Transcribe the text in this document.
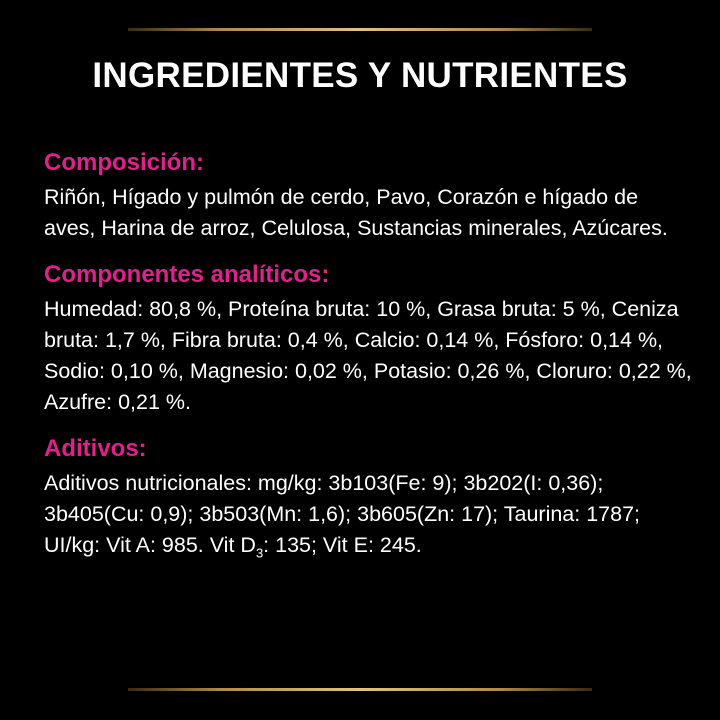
INGREDIENTES Y NUTRIENTES
Composición:

Riñón, Hígado y pulmón de cerdo, Pavo, Corazón e hígado de aves, Harina de arroz, Celulosa, Sustancias minerales, Azúcares.

Componentes analíticos:

Humedad: 80,8 %, Proteína bruta: 10 %, Grasa bruta: 5 %, Ceniza bruta: 1,7 %, Fibra bruta: 0,4 %, Calcio: 0,14 %, Fósforo: 0,14 %, Sodio: 0,10 %, Magnesio: 0,02 %, Potasio: 0,26 %, Cloruro: 0,22 %, Azufre: 0,21 %.

Aditivos:

Aditivos nutricionales: mg/kg: 3b103(Fe: 9); 3b202(I: 0,36); 3b405(Cu: 0,9); 3b503(Mn: 1,6); 3b605(Zn: 17); Taurina: 1787; UI/kg: Vit A: 985. Vit $D_3$: 135; Vit E: 245.
